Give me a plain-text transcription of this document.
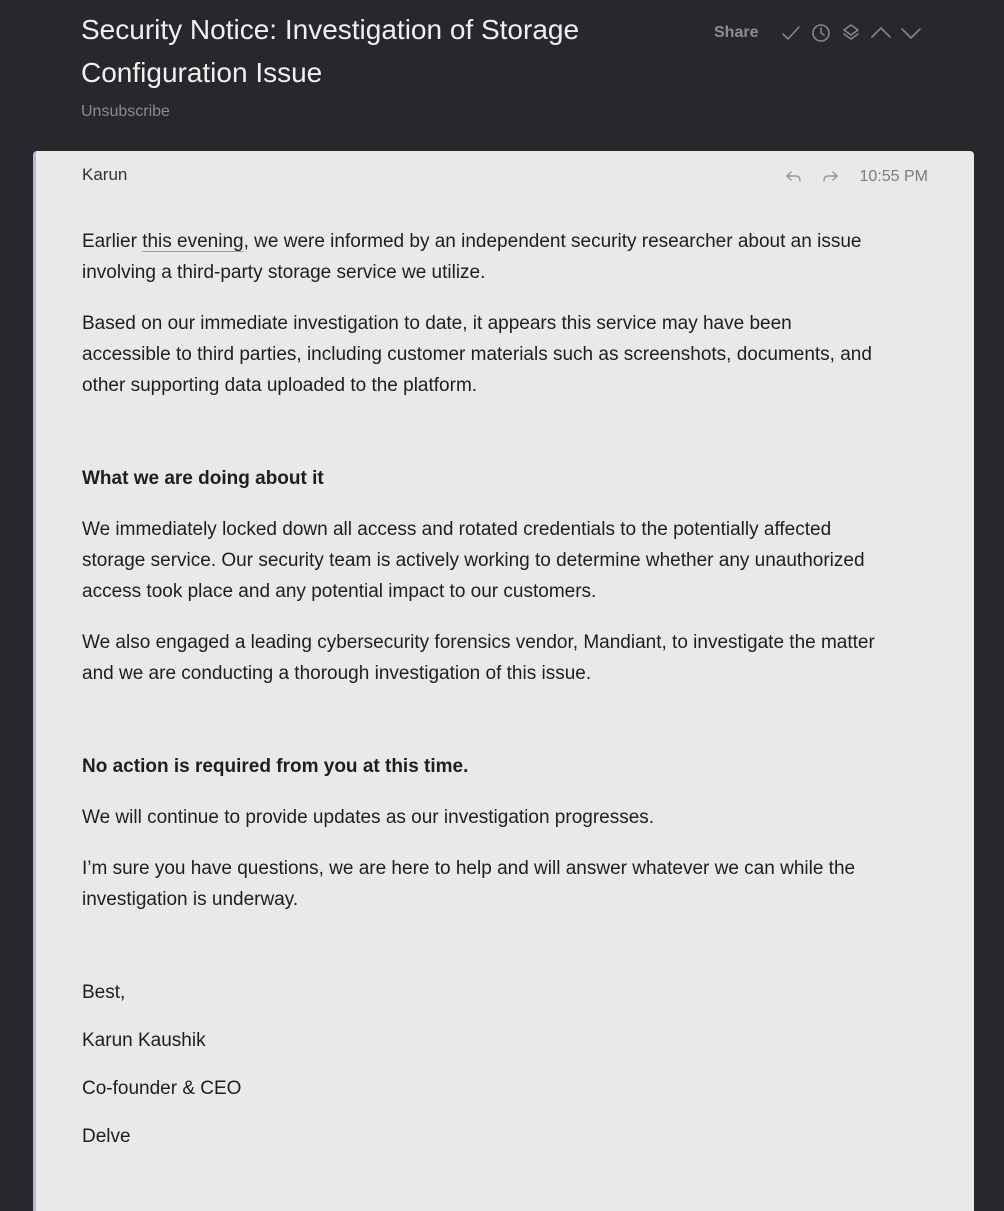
Security Notice: Investigation of Storage Configuration Issue
Unsubscribe
Share
Karun	10:55 PM

Earlier this evening, we were informed by an independent security researcher about an issue involving a third-party storage service we utilize.

Based on our immediate investigation to date, it appears this service may have been accessible to third parties, including customer materials such as screenshots, documents, and other supporting data uploaded to the platform.

What we are doing about it

We immediately locked down all access and rotated credentials to the potentially affected storage service. Our security team is actively working to determine whether any unauthorized access took place and any potential impact to our customers.

We also engaged a leading cybersecurity forensics vendor, Mandiant, to investigate the matter and we are conducting a thorough investigation of this issue.

No action is required from you at this time.

We will continue to provide updates as our investigation progresses.

I’m sure you have questions, we are here to help and will answer whatever we can while the investigation is underway.

Best,

Karun Kaushik

Co-founder & CEO

Delve
